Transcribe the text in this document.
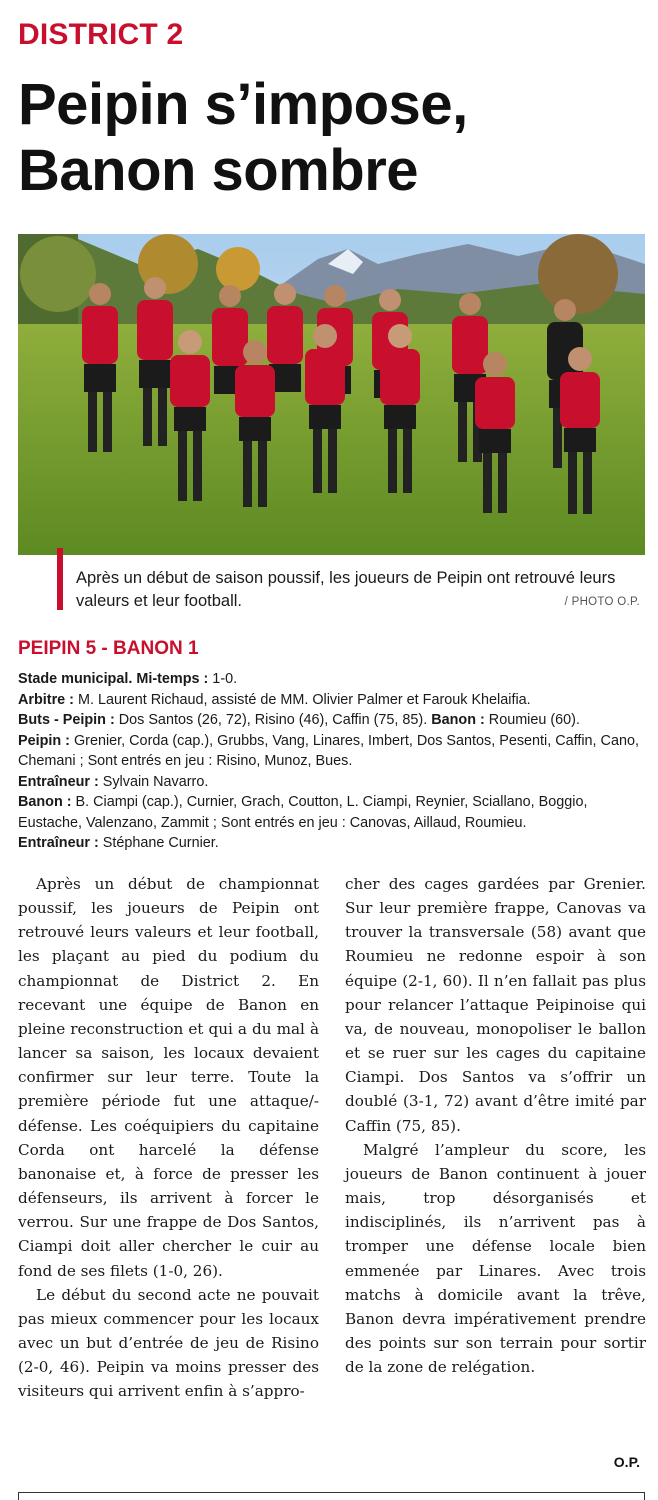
DISTRICT 2
Peipin s’impose,
Banon sombre
Après un début de saison poussif, les joueurs de Peipin ont retrouvé leurs valeurs et leur football.	/ PHOTO O.P.
PEIPIN 5 - BANON 1

Stade municipal. Mi-temps : 1-0.

Arbitre : M. Laurent Richaud, assisté de MM. Olivier Palmer et Farouk Khelaifia.

Buts - Peipin : Dos Santos (26, 72), Risino (46), Caffin (75, 85). Banon : Roumieu (60).

Peipin : Grenier, Corda (cap.), Grubbs, Vang, Linares, Imbert, Dos Santos, Pesenti, Caffin, Cano, Chemani ; Sont entrés en jeu : Risino, Munoz, Bues.

Entraîneur : Sylvain Navarro.

Banon : B. Ciampi (cap.), Curnier, Grach, Coutton, L. Ciampi, Reynier, Sciallano, Boggio, Eustache, Valenzano, Zammit ; Sont entrés en jeu : Canovas, Aillaud, Roumieu.

Entraîneur : Stéphane Curnier.

Après un début de championnat poussif, les joueurs de Peipin ont retrouvé leurs valeurs et leur football, les plaçant au pied du podium du championnat de District 2. En recevant une équipe de Banon en pleine reconstruction et qui a du mal à lancer sa saison, les locaux devaient confirmer sur leur terre. Toute la première période fut une attaque/-défense. Les coéquipiers du capitaine Corda ont harcelé la défense banonaise et, à force de presser les défenseurs, ils arrivent à forcer le verrou. Sur une frappe de Dos Santos, Ciampi doit aller chercher le cuir au fond de ses filets (1-0, 26).

Le début du second acte ne pouvait pas mieux commencer pour les locaux avec un but d’entrée de jeu de Risino (2-0, 46). Peipin va moins presser des visiteurs qui arrivent enfin à s’appro-

cher des cages gardées par Grenier. Sur leur première frappe, Canovas va trouver la transversale (58) avant que Roumieu ne redonne espoir à son équipe (2-1, 60). Il n’en fallait pas plus pour relancer l’attaque Peipinoise qui va, de nouveau, monopoliser le ballon et se ruer sur les cages du capitaine Ciampi. Dos Santos va s’offrir un doublé (3-1, 72) avant d’être imité par Caffin (75, 85).

Malgré l’ampleur du score, les joueurs de Banon continuent à jouer mais, trop désorganisés et indisciplinés, ils n’arrivent pas à tromper une défense locale bien emmenée par Linares. Avec trois matchs à domicile avant la trêve, Banon devra impérativement prendre des points sur son terrain pour sortir de la zone de relégation.

O.P.
